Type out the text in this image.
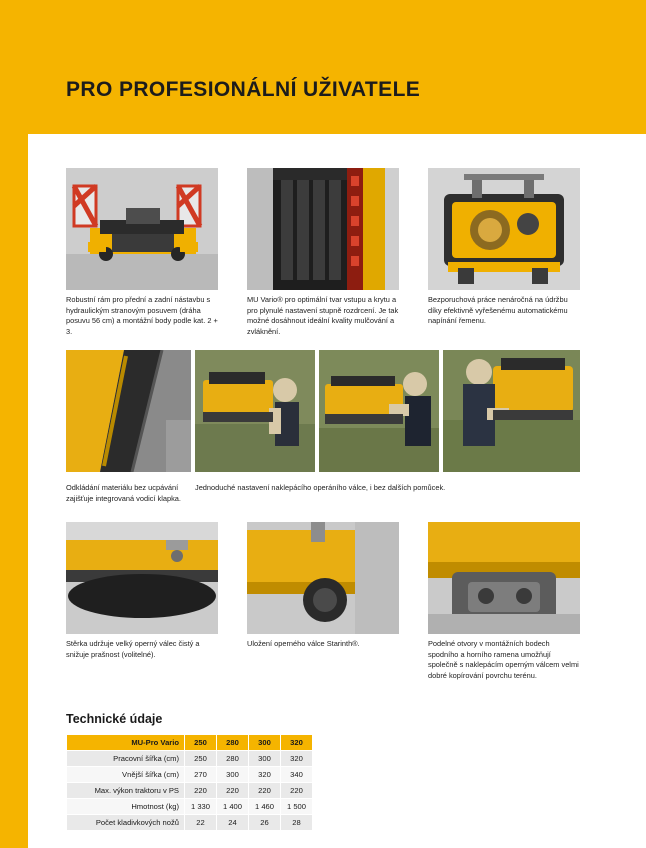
PRO PROFESIONÁLNÍ UŽIVATELE
Robustní rám pro přední a zadní nástavbu s hydraulickým stranovým posuvem (dráha posuvu 56 cm) a montážní body podle kat. 2 + 3.
MU Vario® pro optimální tvar vstupu a krytu a pro plynulé nastavení stupně rozdrcení. Je tak možné dosáhnout ideální kvality mulčování a zvláknění.
Bezporuchová práce nenáročná na údržbu díky efektivně vyřešenému automatickému napínání řemenu.
Odkládání materiálu bez ucpávání zajišťuje integrovaná vodicí klapka.
Jednoduché nastavení naklepácího operáního válce, i bez dalších pomůcek.
Stěrka udržuje velký operný válec čistý a snižuje prašnost (volitelné).
Uložení operného válce Starinth®.	Podelné otvory v montážních bodech spodního a horního ramena umožňují společně s naklepácím operným válcem velmi dobré kopírování povrchu terénu.
Technické údaje
MU-Pro Vario	250	280	300	320
Pracovní šířka (cm)	250	280	300	320
Vnější šířka (cm)	270	300	320	340
Max. výkon traktoru v PS	220	220	220	220
Hmotnost (kg)	1 330	1 400	1 460	1 500
Počet kladivkových nožů	22	24	26	28
